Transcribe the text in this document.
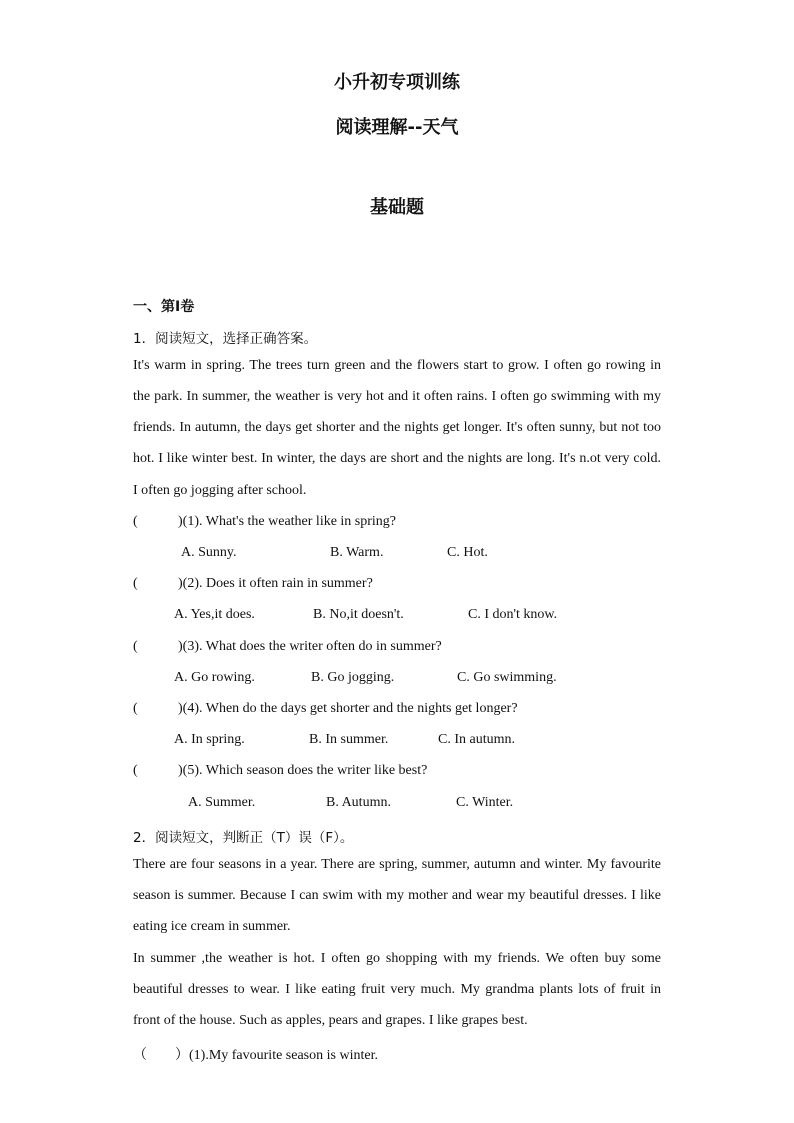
小升初专项训练
阅读理解--天气
基础题
一、第I卷
1．阅读短文，选择正确答案。
It's warm in spring. The trees turn green and the flowers start to grow. I often go rowing in
the park. In summer, the weather is very hot and it often rains. I often go swimming with my
friends. In autumn, the days get shorter and the nights get longer. It's often sunny, but not too
hot. I like winter best. In winter, the days are short and the nights are long. It's n.ot very cold.
I often go jogging after school.
(	)(1). What's the weather like in spring?
A. Sunny.	B. Warm.	C. Hot.
(	)(2). Does it often rain in summer?
A. Yes,it does.	B. No,it doesn't.	C. I don't know.
(	)(3). What does the writer often do in summer?
A. Go rowing.	B. Go jogging.	C. Go swimming.
(	)(4). When do the days get shorter and the nights get longer?
A. In spring.	B. In summer.	C. In autumn.
(	)(5). Which season does the writer like best?
A. Summer.	B. Autumn.	C. Winter.
2．阅读短文，判断正（T）误（F）。
There are four seasons in a year. There are spring, summer, autumn and winter. My favourite
season is summer. Because I can swim with my mother and wear my beautiful dresses. I like
eating ice cream in summer.
In summer ,the weather is hot. I often go shopping with my friends. We often buy some
beautiful dresses to wear. I like eating fruit very much. My grandma plants lots of fruit in
front of the house. Such as apples, pears and grapes. I like grapes best.
（　　）(1).My favourite season is winter.
